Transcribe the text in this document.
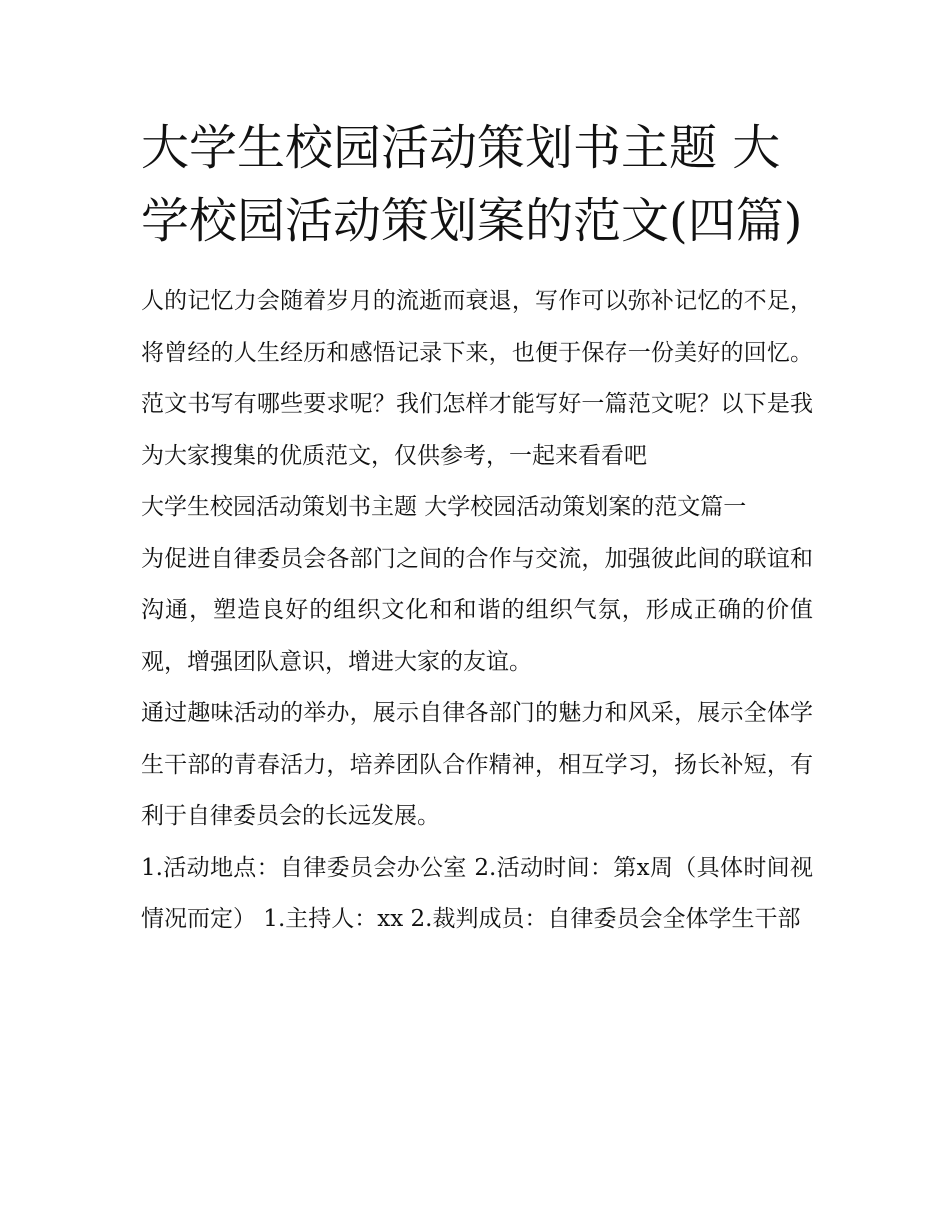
大学生校园活动策划书主题 大学校园活动策划案的范文(四篇)

人的记忆力会随着岁月的流逝而衰退，写作可以弥补记忆的不足，将曾经的人生经历和感悟记录下来，也便于保存一份美好的回忆。范文书写有哪些要求呢？我们怎样才能写好一篇范文呢？以下是我为大家搜集的优质范文，仅供参考，一起来看看吧

大学生校园活动策划书主题 大学校园活动策划案的范文篇一

为促进自律委员会各部门之间的合作与交流，加强彼此间的联谊和沟通，塑造良好的组织文化和和谐的组织气氛，形成正确的价值观，增强团队意识，增进大家的友谊。

通过趣味活动的举办，展示自律各部门的魅力和风采，展示全体学生干部的青春活力，培养团队合作精神，相互学习，扬长补短，有利于自律委员会的长远发展。

1.活动地点：自律委员会办公室 2.活动时间：第x周（具体时间视情况而定） 1.主持人：xx 2.裁判成员：自律委员会全体学生干部
